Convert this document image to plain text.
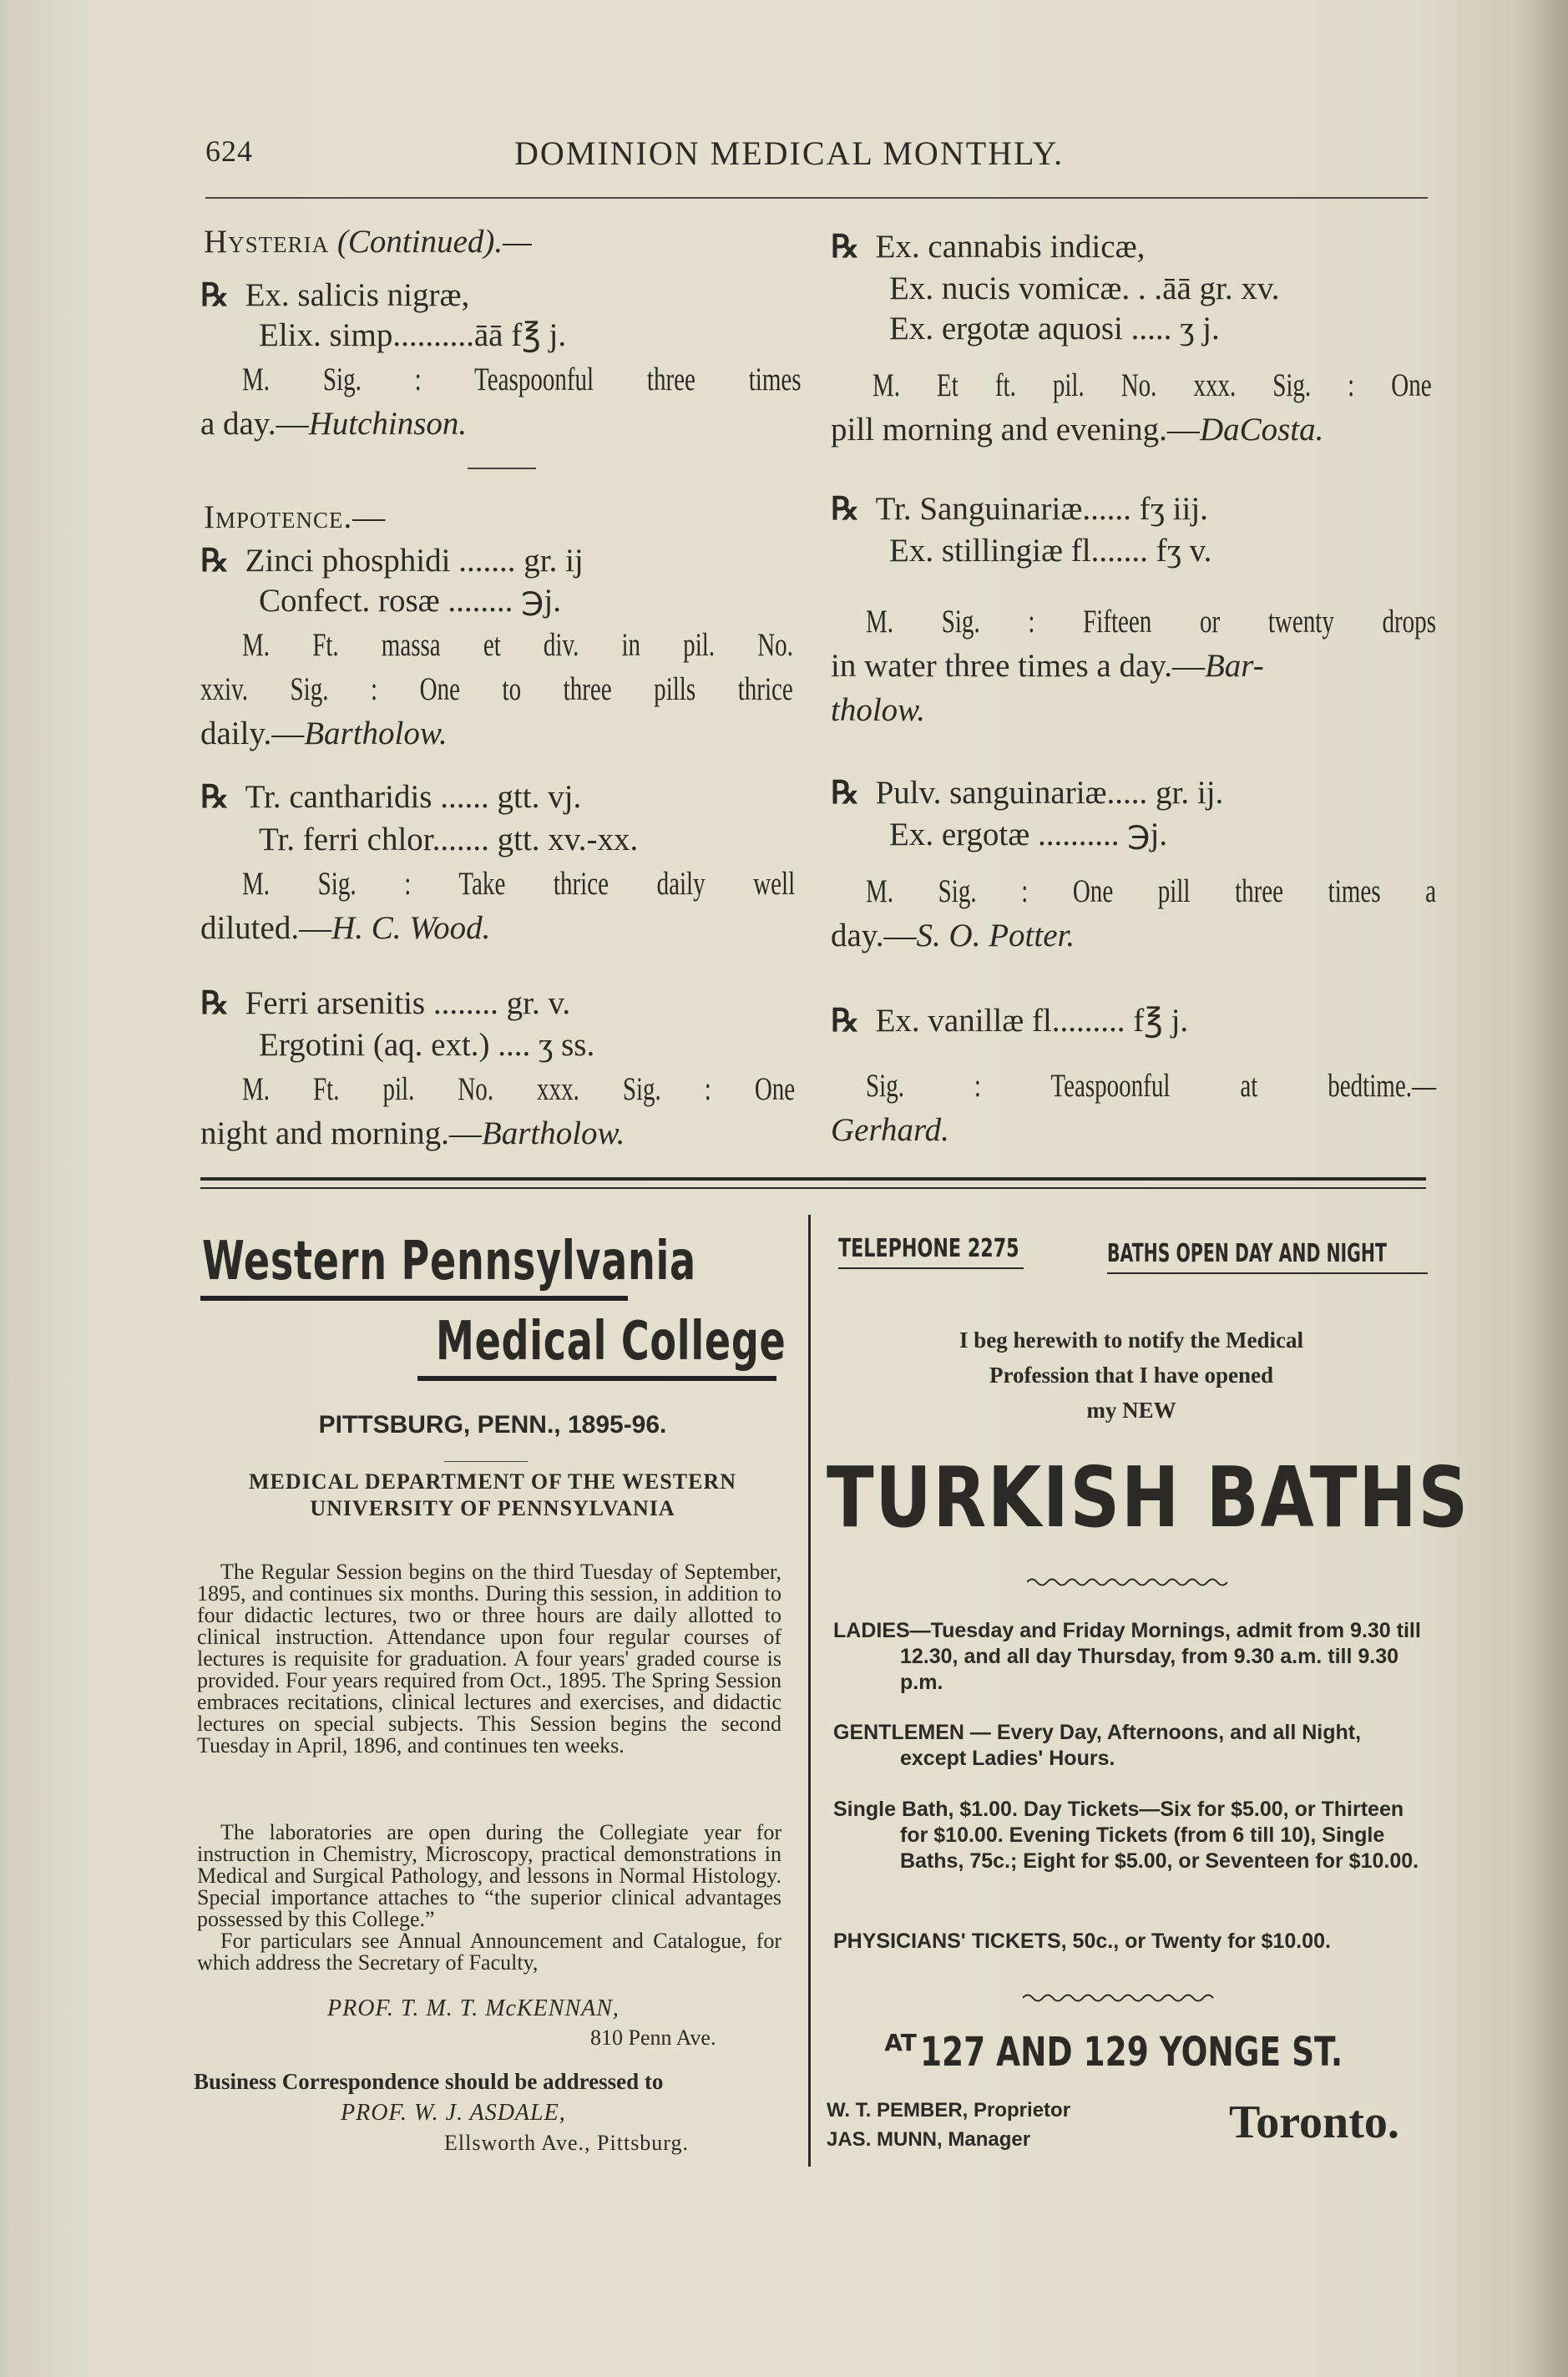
624	DOMINION MEDICAL MONTHLY.
Hysteria (Continued).—
℞ Ex. salicis nigræ,
Elix. simp..........āā f℥ j.
M. Sig. : Teaspoonful three times
a day.—Hutchinson.
Impotence.—
℞ Zinci phosphidi ....... gr. ij
Confect. rosæ ........ ℈j.
M. Ft. massa et div. in pil. No.
xxiv. Sig. : One to three pills thrice
daily.—Bartholow.
℞ Tr. cantharidis ...... gtt. vj.
Tr. ferri chlor....... gtt. xv.-xx.
M. Sig. : Take thrice daily well
diluted.—H. C. Wood.
℞ Ferri arsenitis ........ gr. v.
Ergotini (aq. ext.) .... ʒ ss.
M. Ft. pil. No. xxx. Sig. : One
night and morning.—Bartholow.
℞ Ex. cannabis indicæ,
Ex. nucis vomicæ. . .āā gr. xv.
Ex. ergotæ aquosi ..... ʒ j.
M. Et ft. pil. No. xxx. Sig. : One
pill morning and evening.—DaCosta.
℞ Tr. Sanguinariæ...... fʒ iij.
Ex. stillingiæ fl....... fʒ v.
M. Sig. : Fifteen or twenty drops
in water three times a day.—Bar-
tholow.
℞ Pulv. sanguinariæ..... gr. ij.
Ex. ergotæ .......... ℈j.
M. Sig. : One pill three times a
day.—S. O. Potter.
℞ Ex. vanillæ fl......... f℥ j.
Sig. : Teaspoonful at bedtime.—
Gerhard.
Western Pennsylvania
Medical College
PITTSBURG, PENN., 1895-96.
MEDICAL DEPARTMENT OF THE WESTERN
UNIVERSITY OF PENNSYLVANIA
The Regular Session begins on the third Tuesday of September, 1895, and continues six months. During this session, in addition to four didactic lectures, two or three hours are daily allotted to clinical instruction. Attendance upon four regular courses of lectures is requisite for graduation. A four years' graded course is provided. Four years required from Oct., 1895. The Spring Session embraces recitations, clinical lectures and exercises, and didactic lectures on special subjects. This Session begins the second Tuesday in April, 1896, and continues ten weeks.
The laboratories are open during the Collegiate year for instruction in Chemistry, Microscopy, practical demonstrations in Medical and Surgical Pathology, and lessons in Normal Histology. Special importance attaches to “the superior clinical advantages possessed by this College.”
For particulars see Annual Announcement and Catalogue, for which address the Secretary of Faculty,
PROF. T. M. T. McKENNAN,
810 Penn Ave.
Business Correspondence should be addressed to
PROF. W. J. ASDALE,
Ellsworth Ave., Pittsburg.
TELEPHONE 2275	BATHS OPEN DAY AND NIGHT
I beg herewith to notify the Medical
Profession that I have opened
my NEW
TURKISH BATHS
LADIES—Tuesday and Friday Mornings, admit from 9.30 till 12.30, and all day Thursday, from 9.30 a.m. till 9.30 p.m.
GENTLEMEN — Every Day, Afternoons, and all Night, except Ladies' Hours.
Single Bath, $1.00. Day Tickets—Six for $5.00, or Thirteen for $10.00. Evening Tickets (from 6 till 10), Single Baths, 75c.; Eight for $5.00, or Seventeen for $10.00.
PHYSICIANS' TICKETS, 50c., or Twenty for $10.00.
AT 127 AND 129 YONGE ST.
W. T. PEMBER, Proprietor
JAS. MUNN, Manager	Toronto.
